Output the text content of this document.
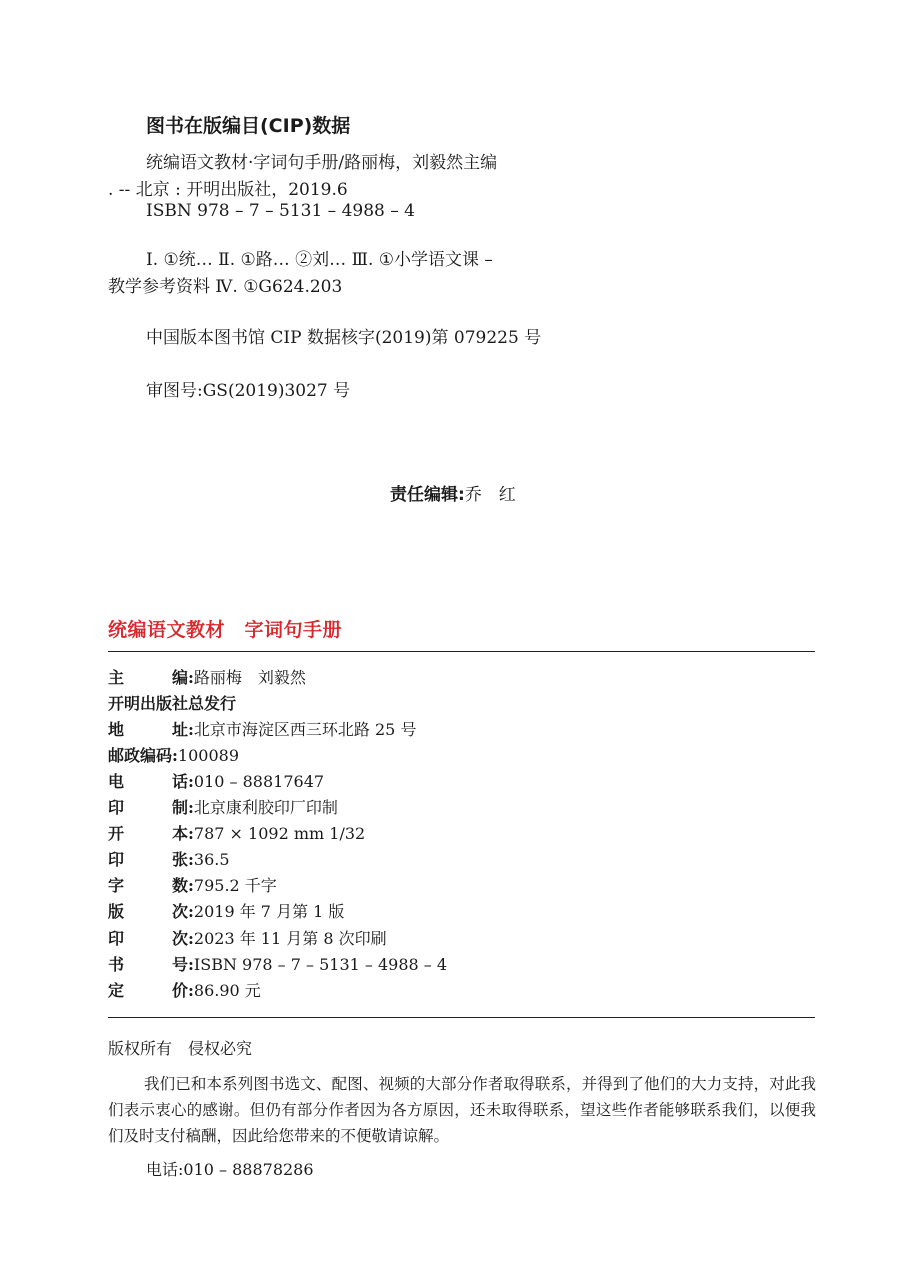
图书在版编目(CIP)数据
统编语文教材·字词句手册/路丽梅，刘毅然主编
. -- 北京 : 开明出版社，2019.6
ISBN 978 – 7 – 5131 – 4988 – 4
Ⅰ. ①统… Ⅱ. ①路… ②刘… Ⅲ. ①小学语文课 –
教学参考资料 Ⅳ. ①G624.203
中国版本图书馆 CIP 数据核字(2019)第 079225 号
审图号:GS(2019)3027 号
责任编辑:乔　红
统编语文教材　字词句手册
主编:路丽梅　刘毅然
开明出版社总发行
地址:北京市海淀区西三环北路 25 号
邮政编码:100089
电话:010 – 88817647
印制:北京康利胶印厂印制
开本:787 × 1092 mm 1/32
印张:36.5
字数:795.2 千字
版次:2019 年 7 月第 1 版
印次:2023 年 11 月第 8 次印刷
书号:ISBN 978 – 7 – 5131 – 4988 – 4
定价:86.90 元
版权所有　侵权必究
我们已和本系列图书选文、配图、视频的大部分作者取得联系，并得到了他们的大力支持，对此我们表示衷心的感谢。但仍有部分作者因为各方原因，还未取得联系，望这些作者能够联系我们，以便我们及时支付稿酬，因此给您带来的不便敬请谅解。
电话:010 – 88878286
